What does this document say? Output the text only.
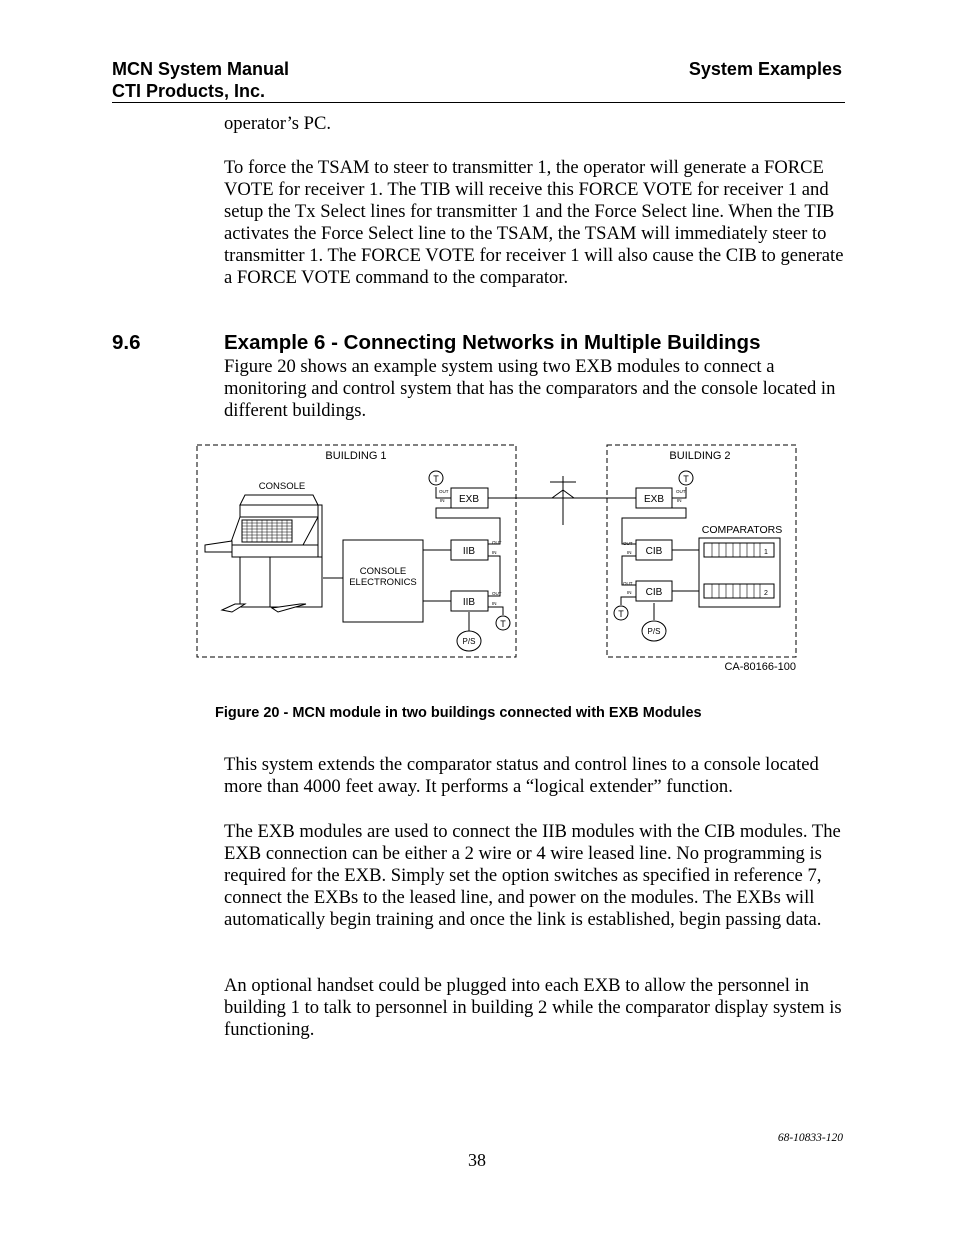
MCN System Manual
CTI Products, Inc.
System Examples

operator’s PC.

To force the TSAM to steer to transmitter 1, the operator will generate a FORCE VOTE for receiver 1. The TIB will receive this FORCE VOTE for receiver 1 and setup the Tx Select lines for transmitter 1 and the Force Select line. When the TIB activates the Force Select line to the TSAM, the TSAM will immediately steer to transmitter 1. The FORCE VOTE for receiver 1 will also cause the CIB to generate a FORCE VOTE command to the comparator.

9.6	Example 6 - Connecting Networks in Multiple Buildings

Figure 20 shows an example system using two EXB modules to connect a monitoring and control system that has the comparators and the console located in different buildings.

BUILDING 1	BUILDING 2
CONSOLE
CONSOLE
ELECTRONICS
EXB
IIB
IIB
EXB
CIB
CIB
COMPARATORS
1
2
T
T
T
T
P/S
P/S
OUT
IN
OUT
IN
OUT
IN
OUT
IN
OUT
IN
OUT
IN
CA-80166-100
Figure 20 - MCN module in two buildings connected with EXB Modules

This system extends the comparator status and control lines to a console located more than 4000 feet away. It performs a “logical extender” function.

The EXB modules are used to connect the IIB modules with the CIB modules. The EXB connection can be either a 2 wire or 4 wire leased line. No programming is required for the EXB. Simply set the option switches as specified in reference 7, connect the EXBs to the leased line, and power on the modules. The EXBs will automatically begin training and once the link is established, begin passing data.

An optional handset could be plugged into each EXB to allow the personnel in building 1 to talk to personnel in building 2 while the comparator display system is functioning.

68-10833-120
38
